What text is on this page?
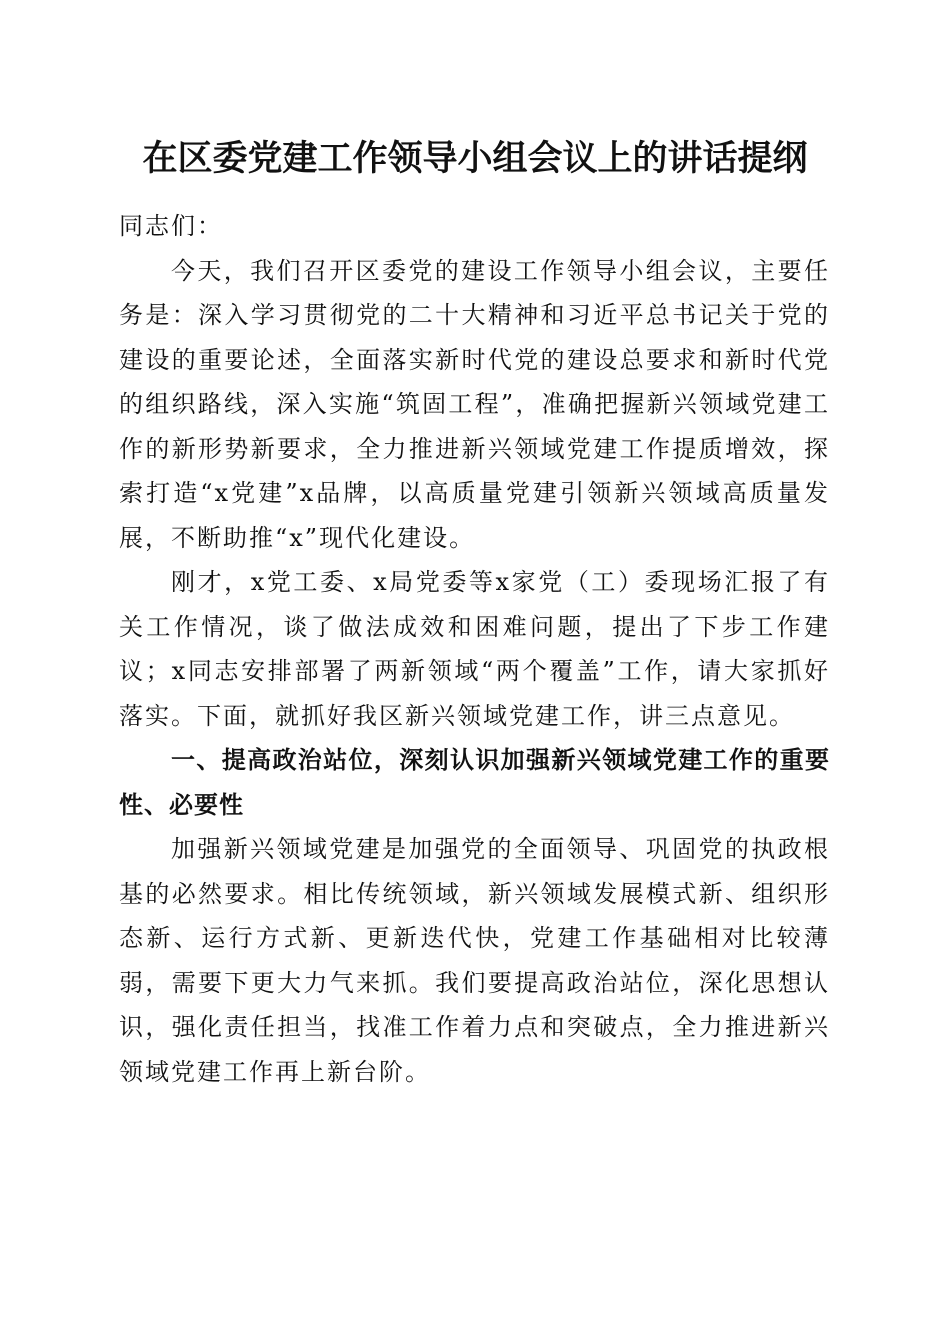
在区委党建工作领导小组会议上的讲话提纲

同志们：

今天，我们召开区委党的建设工作领导小组会议，主要任务是：深入学习贯彻党的二十大精神和习近平总书记关于党的建设的重要论述，全面落实新时代党的建设总要求和新时代党的组织路线，深入实施“筑固工程”，准确把握新兴领域党建工作的新形势新要求，全力推进新兴领域党建工作提质增效，探索打造“x党建”x品牌，以高质量党建引领新兴领域高质量发展，不断助推“x”现代化建设。

刚才，x党工委、x局党委等x家党（工）委现场汇报了有关工作情况，谈了做法成效和困难问题，提出了下步工作建议；x同志安排部署了两新领域“两个覆盖”工作，请大家抓好落实。下面，就抓好我区新兴领域党建工作，讲三点意见。

一、提高政治站位，深刻认识加强新兴领域党建工作的重要性、必要性

加强新兴领域党建是加强党的全面领导、巩固党的执政根基的必然要求。相比传统领域，新兴领域发展模式新、组织形态新、运行方式新、更新迭代快，党建工作基础相对比较薄弱，需要下更大力气来抓。我们要提高政治站位，深化思想认识，强化责任担当，找准工作着力点和突破点，全力推进新兴领域党建工作再上新台阶。
